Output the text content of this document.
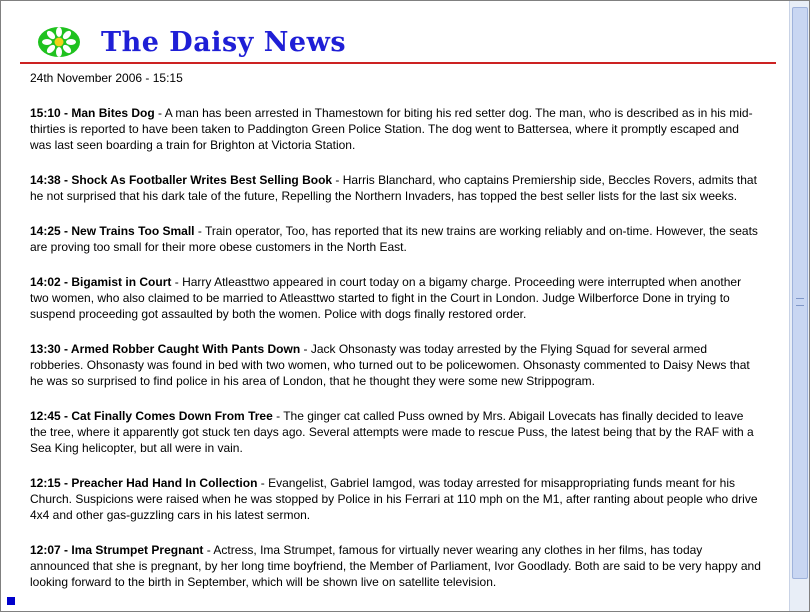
The Daisy News
24th November 2006 - 15:15

15:10 - Man Bites Dog - A man has been arrested in Thamestown for biting his red setter dog. The man, who is described as in his mid-thirties is reported to have been taken to Paddington Green Police Station. The dog went to Battersea, where it promptly escaped and was last seen boarding a train for Brighton at Victoria Station.

14:38 - Shock As Footballer Writes Best Selling Book - Harris Blanchard, who captains Premiership side, Beccles Rovers, admits that he not surprised that his dark tale of the future, Repelling the Northern Invaders, has topped the best seller lists for the last six weeks.

14:25 - New Trains Too Small - Train operator, Too, has reported that its new trains are working reliably and on-time. However, the seats are proving too small for their more obese customers in the North East.

14:02 - Bigamist in Court - Harry Atleasttwo appeared in court today on a bigamy charge. Proceeding were interrupted when another two women, who also claimed to be married to Atleasttwo started to fight in the Court in London. Judge Wilberforce Done in trying to suspend proceeding got assaulted by both the women. Police with dogs finally restored order.

13:30 - Armed Robber Caught With Pants Down - Jack Ohsonasty was today arrested by the Flying Squad for several armed robberies. Ohsonasty was found in bed with two women, who turned out to be policewomen. Ohsonasty commented to Daisy News that he was so surprised to find police in his area of London, that he thought they were some new Strippogram.

12:45 - Cat Finally Comes Down From Tree - The ginger cat called Puss owned by Mrs. Abigail Lovecats has finally decided to leave the tree, where it apparently got stuck ten days ago. Several attempts were made to rescue Puss, the latest being that by the RAF with a Sea King helicopter, but all were in vain.

12:15 - Preacher Had Hand In Collection - Evangelist, Gabriel Iamgod, was today arrested for misappropriating funds meant for his Church. Suspicions were raised when he was stopped by Police in his Ferrari at 110 mph on the M1, after ranting about people who drive 4x4 and other gas-guzzling cars in his latest sermon.

12:07 - Ima Strumpet Pregnant - Actress, Ima Strumpet, famous for virtually never wearing any clothes in her films, has today announced that she is pregnant, by her long time boyfriend, the Member of Parliament, Ivor Goodlady. Both are said to be very happy and looking forward to the birth in September, which will be shown live on satellite television.
